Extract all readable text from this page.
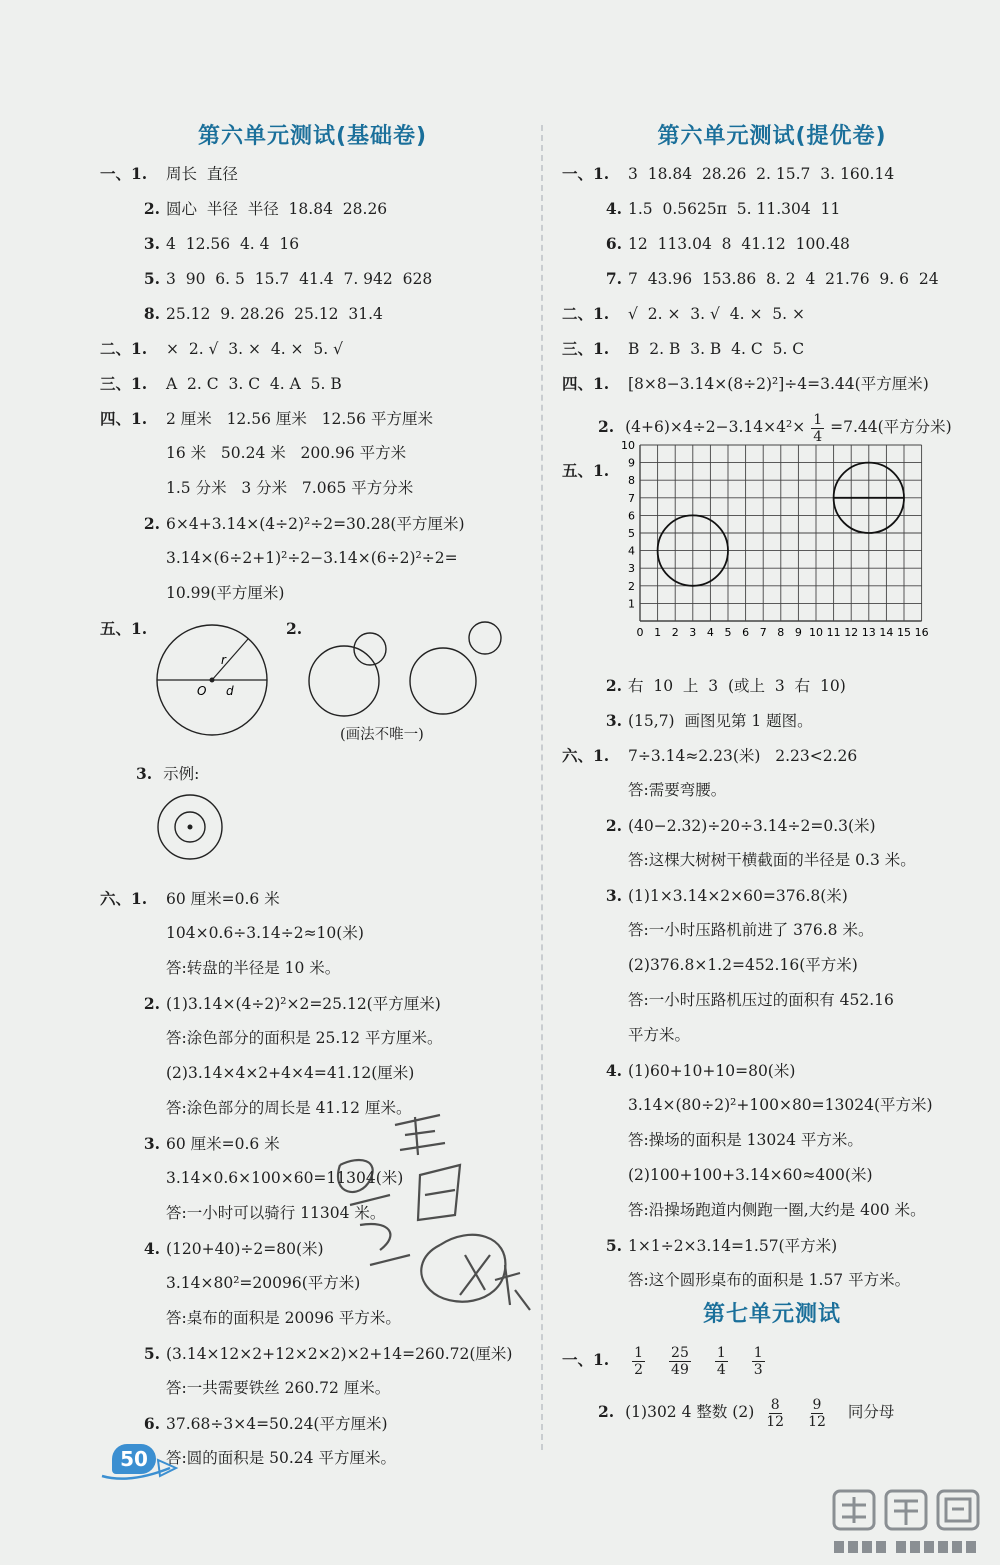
第六单元测试(基础卷)
一、1. 周长  直径
2. 圆心  半径  半径  18.84  28.26
3. 4  12.56  4. 4  16
5. 3  90  6. 5  15.7  41.4  7. 942  628
8. 25.12  9. 28.26  25.12  31.4
二、1. ×  2. √  3. ×  4. ×  5. √
三、1. A  2. C  3. C  4. A  5. B
四、1. 2 厘米   12.56 厘米   12.56 平方厘米
16 米   50.24 米   200.96 平方米
1.5 分米   3 分米   7.065 平方分米
2. 6×4+3.14×(4÷2)²÷2=30.28(平方厘米)
3.14×(6÷2+1)²÷2−3.14×(6÷2)²÷2=
10.99(平方厘米)
五、1.	2.
r
O d
(画法不唯一)
3. 示例:
六、1. 60 厘米=0.6 米
104×0.6÷3.14÷2≈10(米)
答:转盘的半径是 10 米。
2. (1)3.14×(4÷2)²×2=25.12(平方厘米)
答:涂色部分的面积是 25.12 平方厘米。
(2)3.14×4×2+4×4=41.12(厘米)
答:涂色部分的周长是 41.12 厘米。
3. 60 厘米=0.6 米
3.14×0.6×100×60=11304(米)
答:一小时可以骑行 11304 米。
4. (120+40)÷2=80(米)
3.14×80²=20096(平方米)
答:桌布的面积是 20096 平方米。
5. (3.14×12×2+12×2×2)×2+14=260.72(厘米)
答:一共需要铁丝 260.72 厘米。
6. 37.68÷3×4=50.24(平方厘米)
答:圆的面积是 50.24 平方厘米。
第六单元测试(提优卷)
一、1. 3  18.84  28.26  2. 15.7  3. 160.14
4. 1.5  0.5625π  5. 11.304  11
6. 12  113.04  8  41.12  100.48
7. 7  43.96  153.86  8. 2  4  21.76  9. 6  24
二、1. √  2. ×  3. √  4. ×  5. ×
三、1. B  2. B  3. B  4. C  5. C
四、1. [8×8−3.14×(8÷2)²]÷4=3.44(平方厘米)
2. $(4+6)\times 4\div 2-3.14\times 4^2\times \frac{1}{4} =7.44$(平方分米)
五、1.
0 1 2 3 4 5 6 7 8 9 10 11 12 13 14 15 16
1
2
3
4
5
6
7
8
9
10
2. 右  10  上  3  (或上  3  右  10)
3. (15,7)  画图见第 1 题图。
六、1. 7÷3.14≈2.23(米)   2.23<2.26
答:需要弯腰。
2. (40−2.32)÷20÷3.14÷2=0.3(米)
答:这棵大树树干横截面的半径是 0.3 米。
3. (1)1×3.14×2×60=376.8(米)
答:一小时压路机前进了 376.8 米。
(2)376.8×1.2=452.16(平方米)
答:一小时压路机压过的面积有 452.16
平方米。
4. (1)60+10+10=80(米)
3.14×(80÷2)²+100×80=13024(平方米)
答:操场的面积是 13024 平方米。
(2)100+100+3.14×60≈400(米)
答:沿操场跑道内侧跑一圈,大约是 400 米。
5. 1×1÷2×3.14=1.57(平方米)
答:这个圆形桌布的面积是 1.57 平方米。
第七单元测试
一、1. $\frac{1}{2} \frac{25}{49} \frac{1}{4} \frac{1}{3}$
2. (1)302 4 整数 $(2) \frac{8}{12} \frac{9}{12}$ 同分母
50
